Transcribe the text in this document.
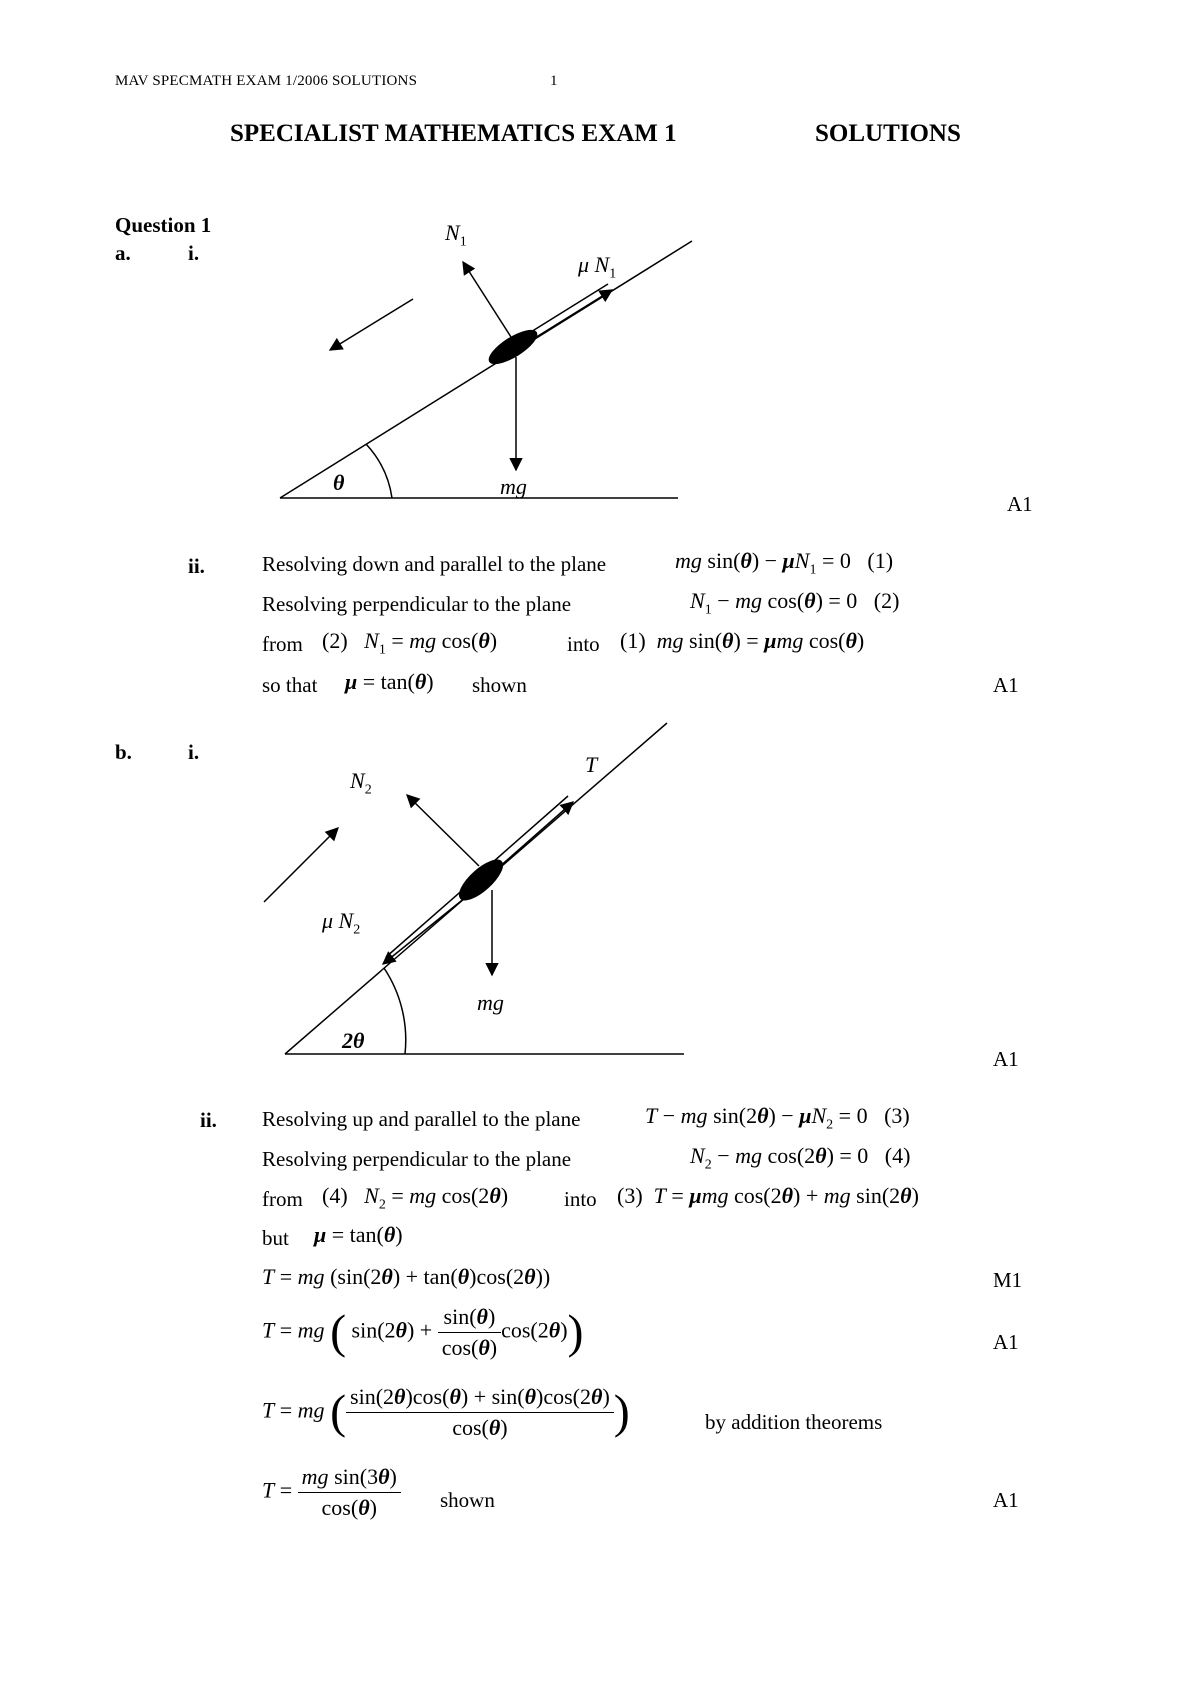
MAV SPECMATH EXAM 1/2006 SOLUTIONS	1
SPECIALIST MATHEMATICS EXAM 1	SOLUTIONS
Question 1
a.	i.
$N_1$
μ $N_1$
mg
θ
A1
ii.	Resolving down and parallel to the plane	mg $\sin(\theta) - \mu N_1 = 0$   (1)
Resolving perpendicular to the plane	$N_1$ − mg cos(θ) = 0   (2)
from (2)   $N_1$ = mg cos(θ)	into (1)  mg sin(θ) = μmg cos(θ)
so that μ = tan(θ) shown	A1
b.	i.
$N_2$
T
μ $N_2$
mg
2θ
A1
ii. Resolving up and parallel to the plane	T − mg $\sin(2\theta) - \mu N_2 = 0$   (3)
Resolving perpendicular to the plane	$N_2$ − mg cos(2θ) = 0   (4)
from (4)   $N_2$ = mg cos(2θ)	into (3)  T = μmg cos(2θ) + mg sin(2θ)
but μ = tan(θ)
T = mg (sin(2θ) + tan(θ)cos(2θ))	M1
T = mg ( $\sin(2\theta) + \frac{\sin(\theta)}{\cos(\theta)} \cos(2\theta)$)	A1
T = mg ( $\frac{\sin(2\theta)\cos(\theta) + \sin(\theta)\cos(2\theta)}{\cos(\theta)}$ )	by addition theorems
$T = \frac{\text{mg sin(3θ)}}{\cos(\theta)}$ shown	A1
